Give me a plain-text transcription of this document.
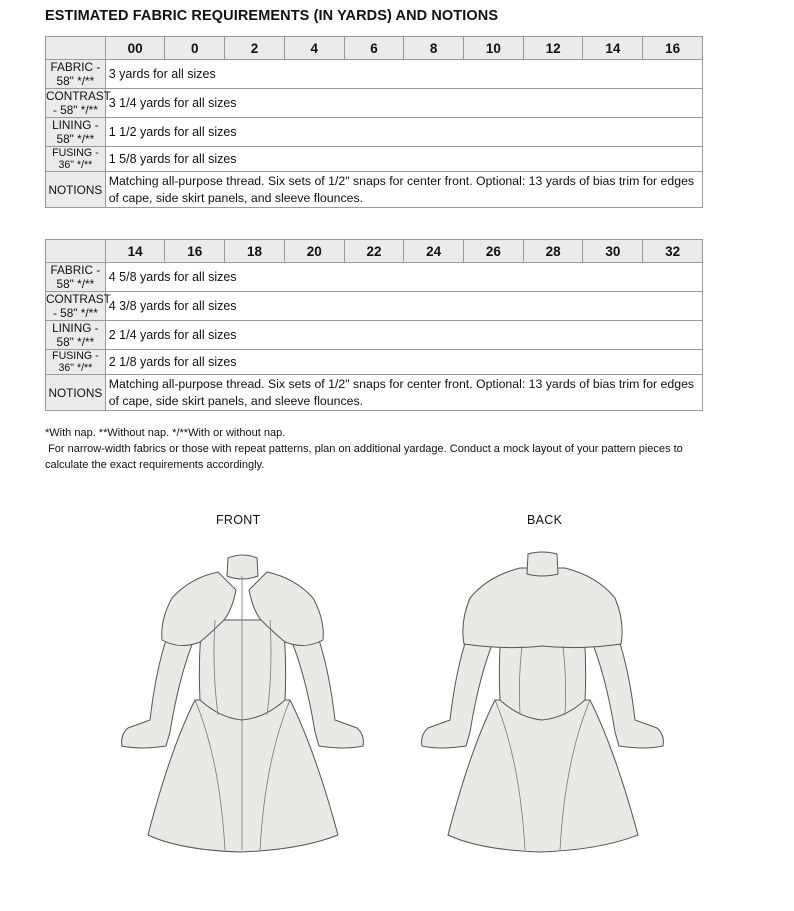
ESTIMATED FABRIC REQUIREMENTS (IN YARDS) AND NOTIONS
	00	0	2	4	6	8	10	12	14	16
FABRIC - 58" */**	3 yards for all sizes									
CONTRAST - 58" */**	3 1/4 yards for all sizes									
LINING - 58" */**	1 1/2 yards for all sizes									
FUSING - 36" */**	1 5/8 yards for all sizes									
NOTIONS	Matching all-purpose thread. Six sets of 1/2" snaps for center front. Optional: 13 yards of bias trim for edges of cape, side skirt panels, and sleeve flounces.									
	14	16	18	20	22	24	26	28	30	32
FABRIC - 58" */**	4 5/8 yards for all sizes									
CONTRAST - 58" */**	4 3/8 yards for all sizes									
LINING - 58" */**	2 1/4 yards for all sizes									
FUSING - 36" */**	2 1/8 yards for all sizes									
NOTIONS	Matching all-purpose thread. Six sets of 1/2" snaps for center front. Optional: 13 yards of bias trim for edges of cape, side skirt panels, and sleeve flounces.									
*With nap. **Without nap. */**With or without nap.
For narrow-width fabrics or those with repeat patterns, plan on additional yardage. Conduct a mock layout of your pattern pieces to calculate the exact requirements accordingly.
FRONT	BACK
